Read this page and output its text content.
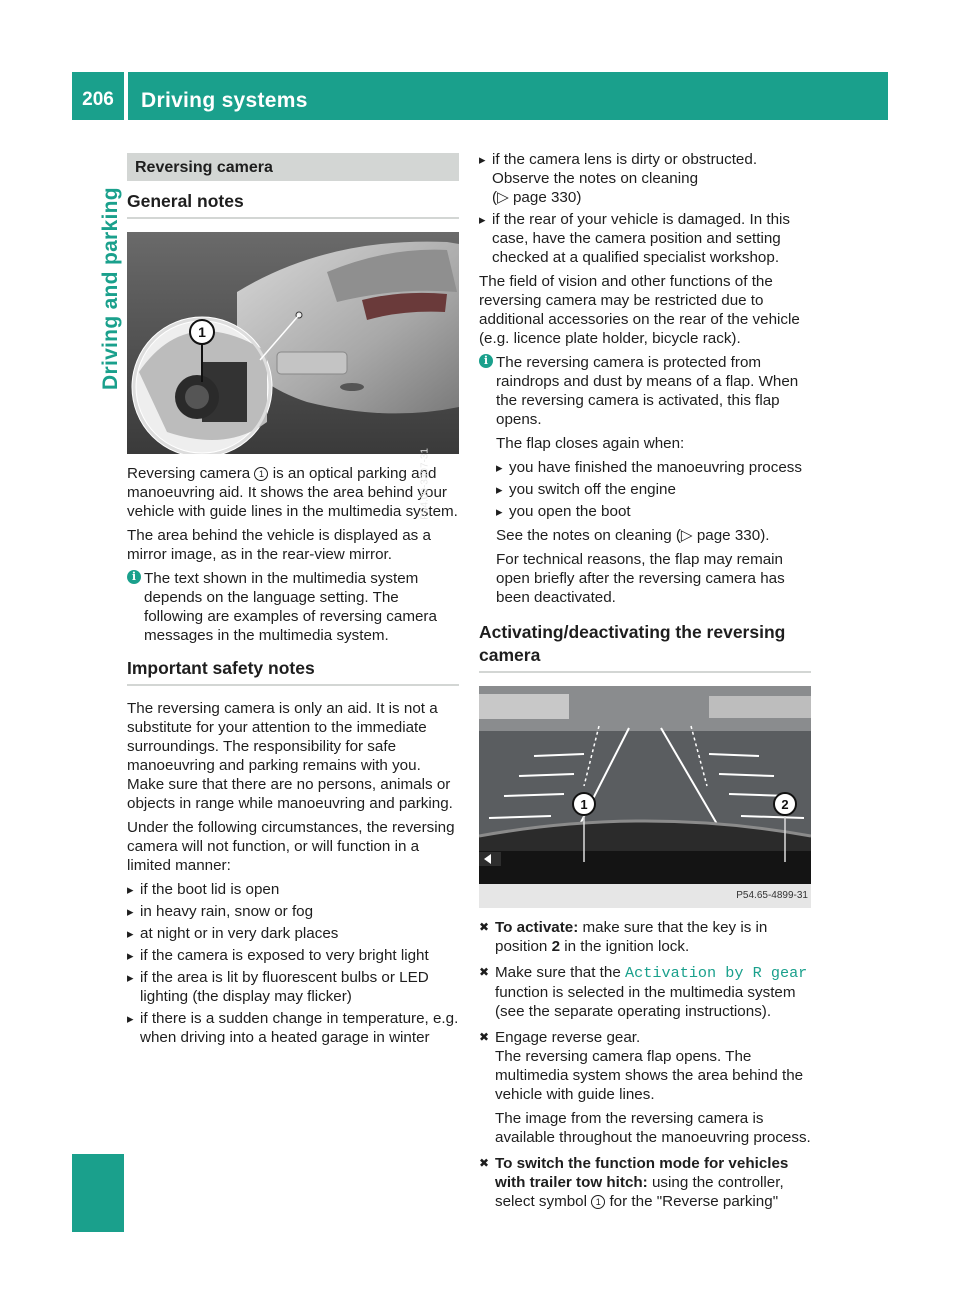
206	Driving systems
Driving and parking
Reversing camera
General notes
1
P54.00-3307-31

Reversing camera 1 is an optical parking and manoeuvring aid. It shows the area behind your vehicle with guide lines in the multimedia system.

The area behind the vehicle is displayed as a mirror image, as in the rear-view mirror.

i The text shown in the multimedia system depends on the language setting. The following are examples of reversing camera messages in the multimedia system.

Important safety notes

The reversing camera is only an aid. It is not a substitute for your attention to the immediate surroundings. The responsibility for safe manoeuvring and parking remains with you. Make sure that there are no persons, animals or objects in range while manoeuvring and parking.

Under the following circumstances, the reversing camera will not function, or will function in a limited manner:

▸ if the boot lid is open
▸ in heavy rain, snow or fog
▸ at night or in very dark places
▸ if the camera is exposed to very bright light
▸ if the area is lit by fluorescent bulbs or LED lighting (the display may flicker)
▸ if there is a sudden change in temperature, e.g. when driving into a heated garage in winter
▸ if the camera lens is dirty or obstructed.
Observe the notes on cleaning
(▷ page 330)
▸ if the rear of your vehicle is damaged. In this case, have the camera position and setting checked at a qualified specialist workshop.

The field of vision and other functions of the reversing camera may be restricted due to additional accessories on the rear of the vehicle (e.g. licence plate holder, bicycle rack).

i The reversing camera is protected from raindrops and dust by means of a flap. When the reversing camera is activated, this flap opens.

The flap closes again when:

▸ you have finished the manoeuvring process
▸ you switch off the engine
▸ you open the boot

See the notes on cleaning (▷ page 330).

For technical reasons, the flap may remain open briefly after the reversing camera has been deactivated.

Activating/deactivating the reversing camera
1	2
P54.65-4899-31
✖ To activate: make sure that the key is in position 2 in the ignition lock.
✖ Make sure that the Activation by R gear function is selected in the multimedia system (see the separate operating instructions).

✖ Engage reverse gear.

The reversing camera flap opens. The multimedia system shows the area behind the vehicle with guide lines.

The image from the reversing camera is available throughout the manoeuvring process.

✖ To switch the function mode for vehicles with trailer tow hitch: using the controller, select symbol 1 for the "Reverse parking"
